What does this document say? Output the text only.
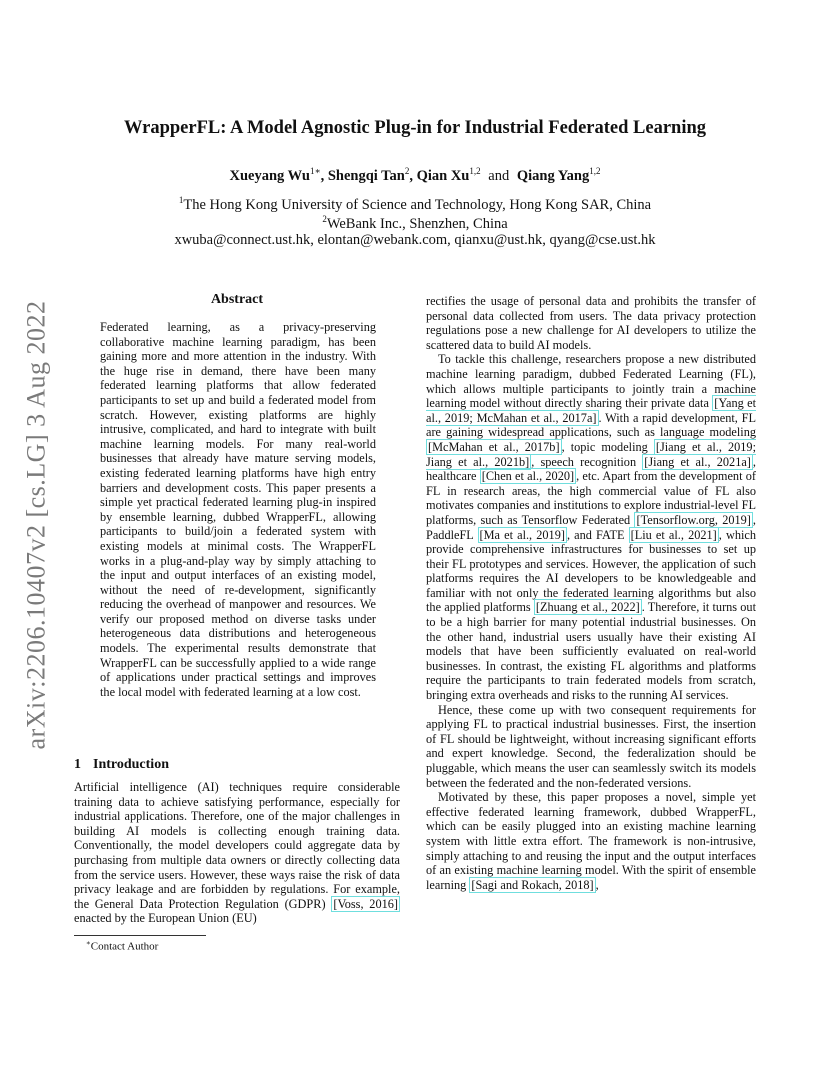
arXiv:2206.10407v2 [cs.LG] 3 Aug 2022
WrapperFL: A Model Agnostic Plug-in for Industrial Federated Learning
Xueyang $Wu^{1∗}$, Shengqi Tan$^2$, Qian Xu$^{1,2}$ and Qiang Yang$^{1,2}$
$^1$The Hong Kong University of Science and Technology, Hong Kong SAR, China
$^2$WeBank Inc., Shenzhen, China
xwuba@connect.ust.hk, elontan@webank.com, qianxu@ust.hk, qyang@cse.ust.hk
Abstract

Federated learning, as a privacy-preserving collaborative machine learning paradigm, has been gaining more and more attention in the industry. With the huge rise in demand, there have been many federated learning platforms that allow federated participants to set up and build a federated model from scratch. However, existing platforms are highly intrusive, complicated, and hard to integrate with built machine learning models. For many real-world businesses that already have mature serving models, existing federated learning platforms have high entry barriers and development costs. This paper presents a simple yet practical federated learning plug-in inspired by ensemble learning, dubbed WrapperFL, allowing participants to build/join a federated system with existing models at minimal costs. The WrapperFL works in a plug-and-play way by simply attaching to the input and output interfaces of an existing model, without the need of re-development, significantly reducing the overhead of manpower and resources. We verify our proposed method on diverse tasks under heterogeneous data distributions and heterogeneous models. The experimental results demonstrate that WrapperFL can be successfully applied to a wide range of applications under practical settings and improves the local model with federated learning at a low cost.

1 Introduction

Artificial intelligence (AI) techniques require considerable training data to achieve satisfying performance, especially for industrial applications. Therefore, one of the major challenges in building AI models is collecting enough training data. Conventionally, the model developers could aggregate data by purchasing from multiple data owners or directly collecting data from the service users. However, these ways raise the risk of data privacy leakage and are forbidden by regulations. For example, the General Data Protection Regulation (GDPR) [Voss, 2016] enacted by the European Union (EU)

∗Contact Author

rectifies the usage of personal data and prohibits the transfer of personal data collected from users. The data privacy protection regulations pose a new challenge for AI developers to utilize the scattered data to build AI models.

To tackle this challenge, researchers propose a new distributed machine learning paradigm, dubbed Federated Learning (FL), which allows multiple participants to jointly train a machine learning model without directly sharing their private data [Yang et al., 2019; McMahan et al., 2017a] . With a rapid development, FL are gaining widespread applications, such as language modeling [McMahan et al., 2017b] , topic modeling [Jiang et al., 2019; Jiang et al., 2021b] , speech recognition [Jiang et al., 2021a] , healthcare [Chen et al., 2020] , etc. Apart from the development of FL in research areas, the high commercial value of FL also motivates companies and institutions to explore industrial-level FL platforms, such as Tensorflow Federated [Tensorflow.org, 2019] , PaddleFL [Ma et al., 2019] , and FATE [Liu et al., 2021] , which provide comprehensive infrastructures for businesses to set up their FL prototypes and services. However, the application of such platforms requires the AI developers to be knowledgeable and familiar with not only the federated learning algorithms but also the applied platforms [Zhuang et al., 2022] . Therefore, it turns out to be a high barrier for many potential industrial businesses. On the other hand, industrial users usually have their existing AI models that have been sufficiently evaluated on real-world businesses. In contrast, the existing FL algorithms and platforms require the participants to train federated models from scratch, bringing extra overheads and risks to the running AI services.

Hence, these come up with two consequent requirements for applying FL to practical industrial businesses. First, the insertion of FL should be lightweight, without increasing significant efforts and expert knowledge. Second, the federalization should be pluggable, which means the user can seamlessly switch its models between the federated and the non-federated versions.

Motivated by these, this paper proposes a novel, simple yet effective federated learning framework, dubbed WrapperFL, which can be easily plugged into an existing machine learning system with little extra effort. The framework is non-intrusive, simply attaching to and reusing the input and the output interfaces of an existing machine learning model. With the spirit of ensemble learning [Sagi and Rokach, 2018] ,
